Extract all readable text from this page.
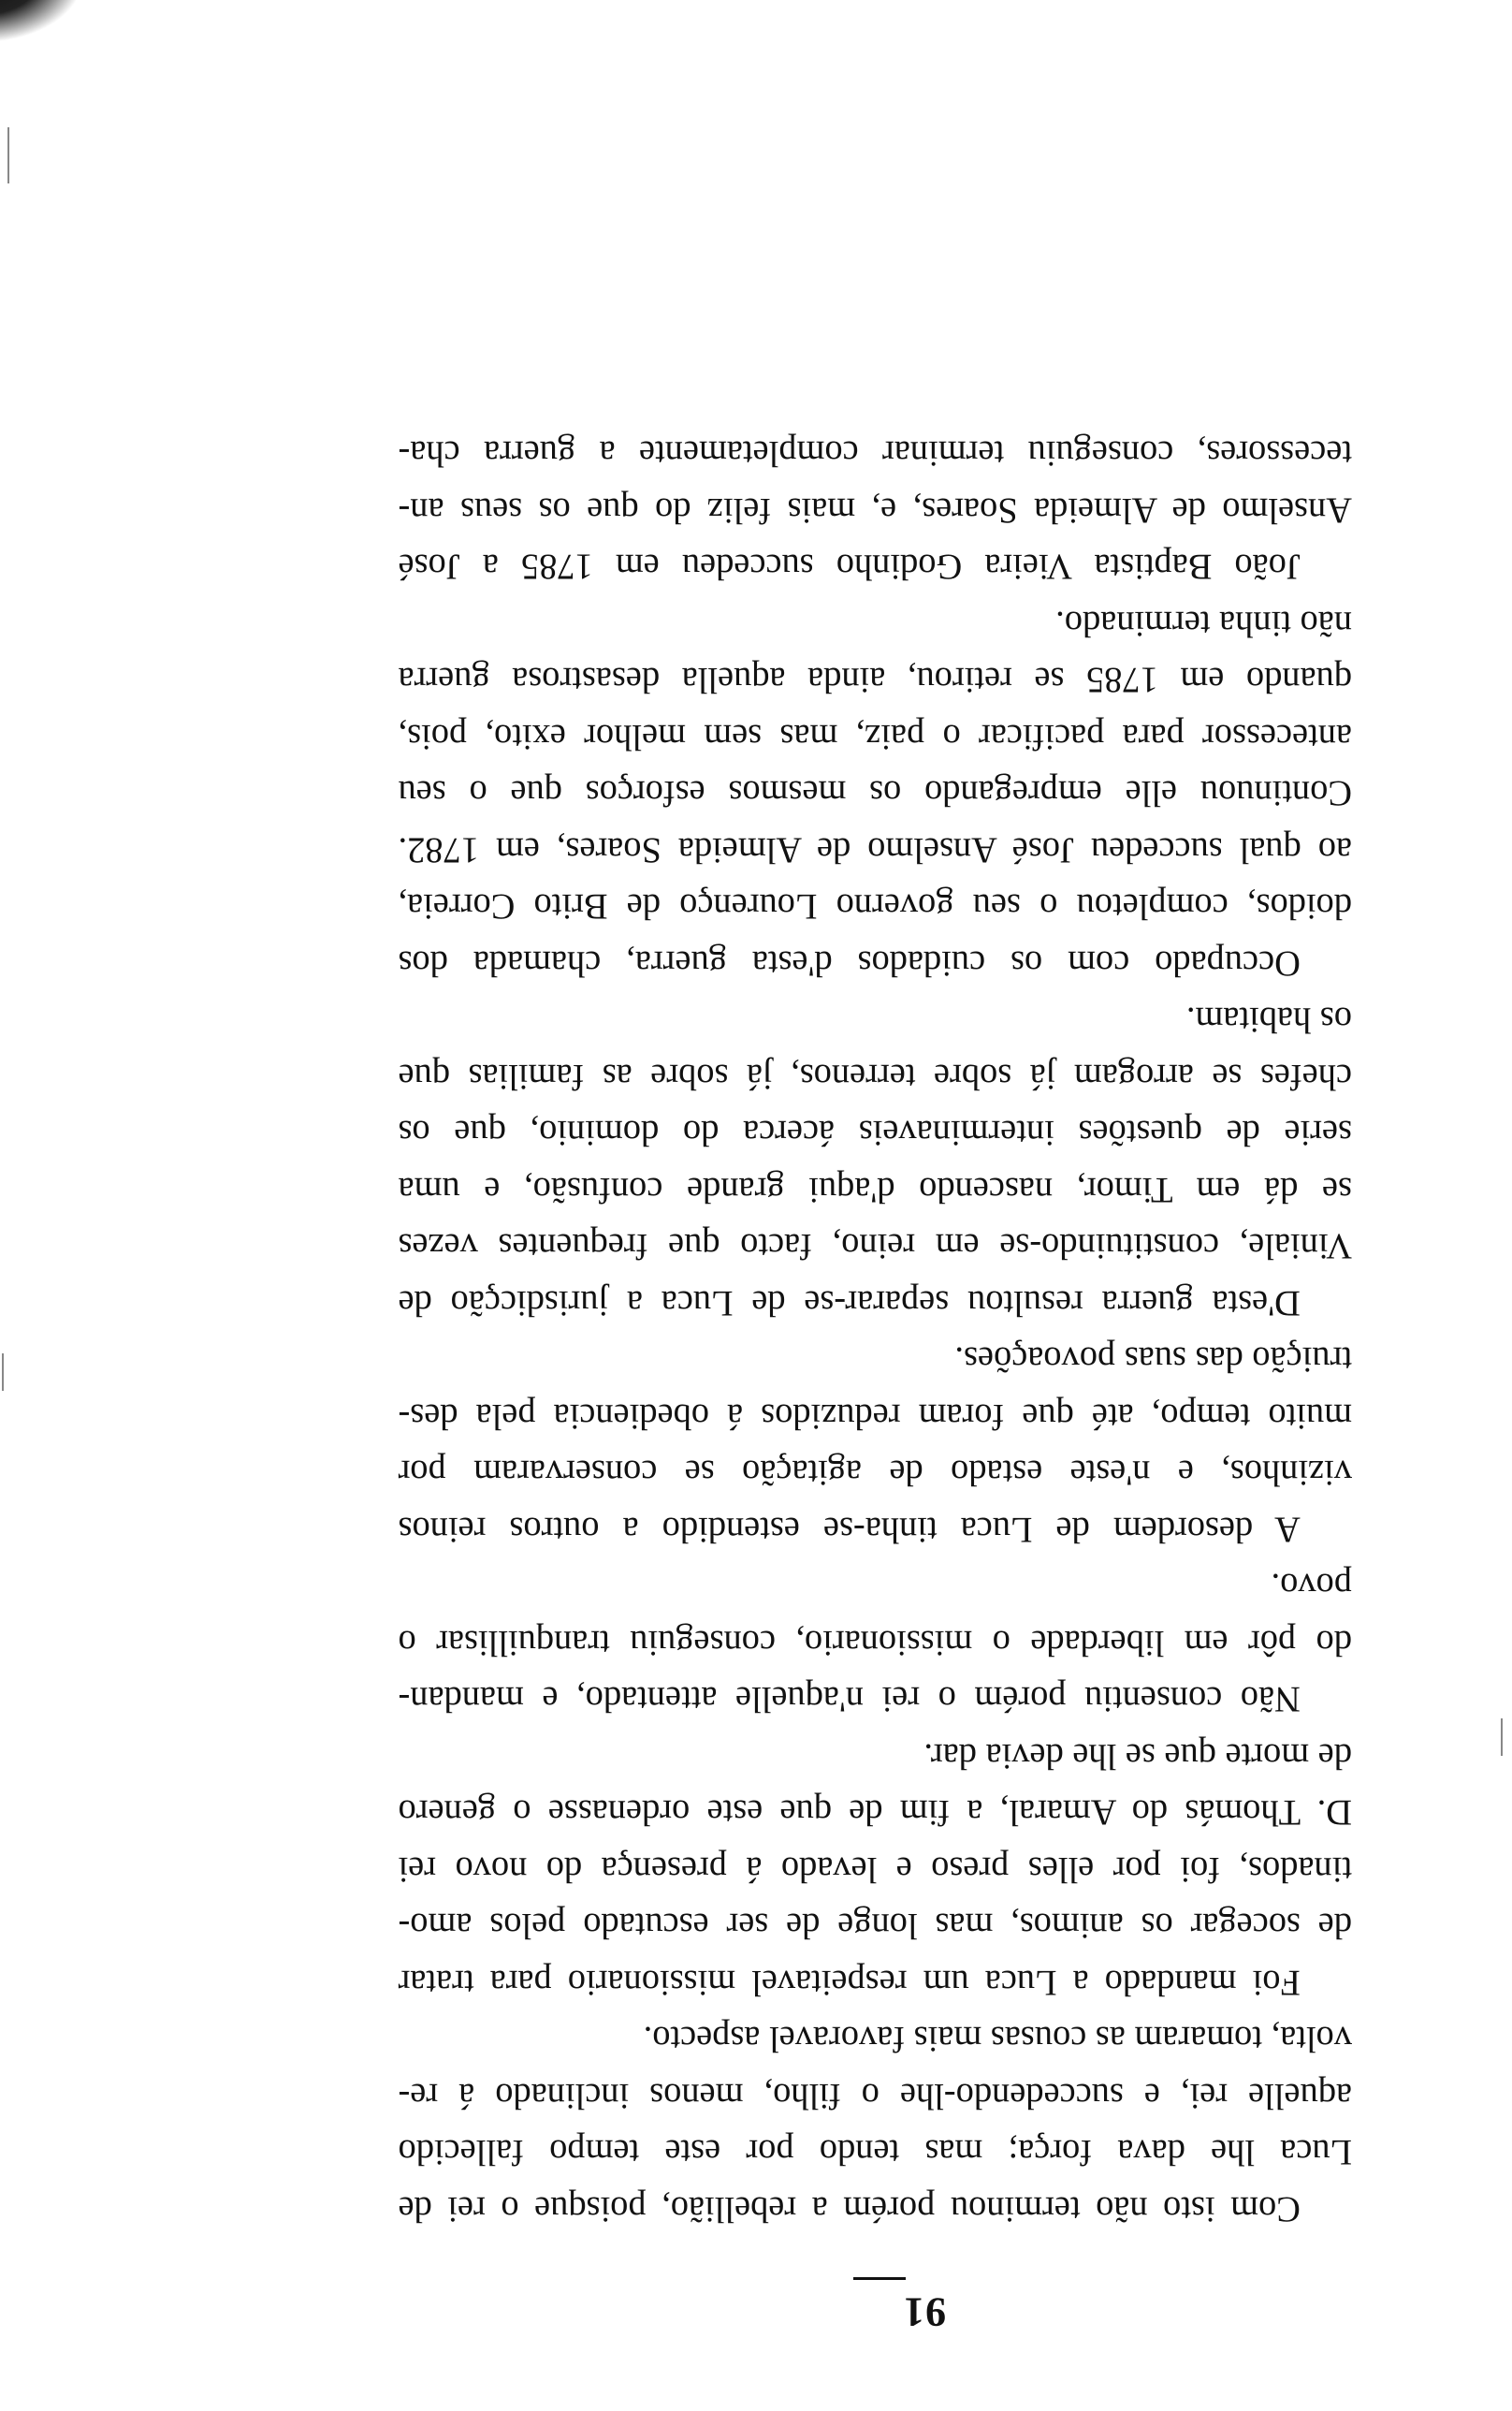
91
Com isto não terminou porém a rebellião, poisque o rei de
Luca lhe dava força; mas tendo por este tempo fallecido
aquelle rei, e succedendo-lhe o filho, menos inclinado á re-
volta, tomaram as cousas mais favoravel aspecto.
Foi mandado a Luca um respeitavel missionario para tratar
de socegar os animos, mas longe de ser escutado pelos amo-
tinados, foi por elles preso e levado á presença do novo rei
D. Thomás do Amaral, a fim de que este ordenasse o genero
de morte que se lhe devia dar.
Não consentiu porém o rei n'aquelle attentado, e mandan-
do pôr em liberdade o missionario, conseguiu tranquillisar o
povo.
A desordem de Luca tinha-se estendido a outros reinos
vizinhos, e n'este estado de agitação se conservaram por
muito tempo, até que foram reduzidos á obediencia pela des-
truição das suas povoações.
D'esta guerra resultou separar-se de Luca a jurisdicção de
Viniale, constituindo-se em reino, facto que frequentes vezes
se dá em Timor, nascendo d'aqui grande confusão, e uma
serie de questões interminaveis ácerca do dominio, que os
chefes se arrogam já sobre terrenos, já sobre as familias que
os habitam.
Occupado com os cuidados d'esta guerra, chamada dos
doidos, completou o seu governo Lourenço de Brito Correia,
ao qual succedeu José Anselmo de Almeida Soares, em 1782.
Continuou elle empregando os mesmos esforços que o seu
antecessor para pacificar o paiz, mas sem melhor exito, pois,
quando em 1785 se retirou, ainda aquella desastrosa guerra
não tinha terminado.
João Baptista Vieira Godinho succedeu em 1785 a José
Anselmo de Almeida Soares, e, mais feliz do que os seus an-
tecessores, conseguiu terminar completamente a guerra cha-
